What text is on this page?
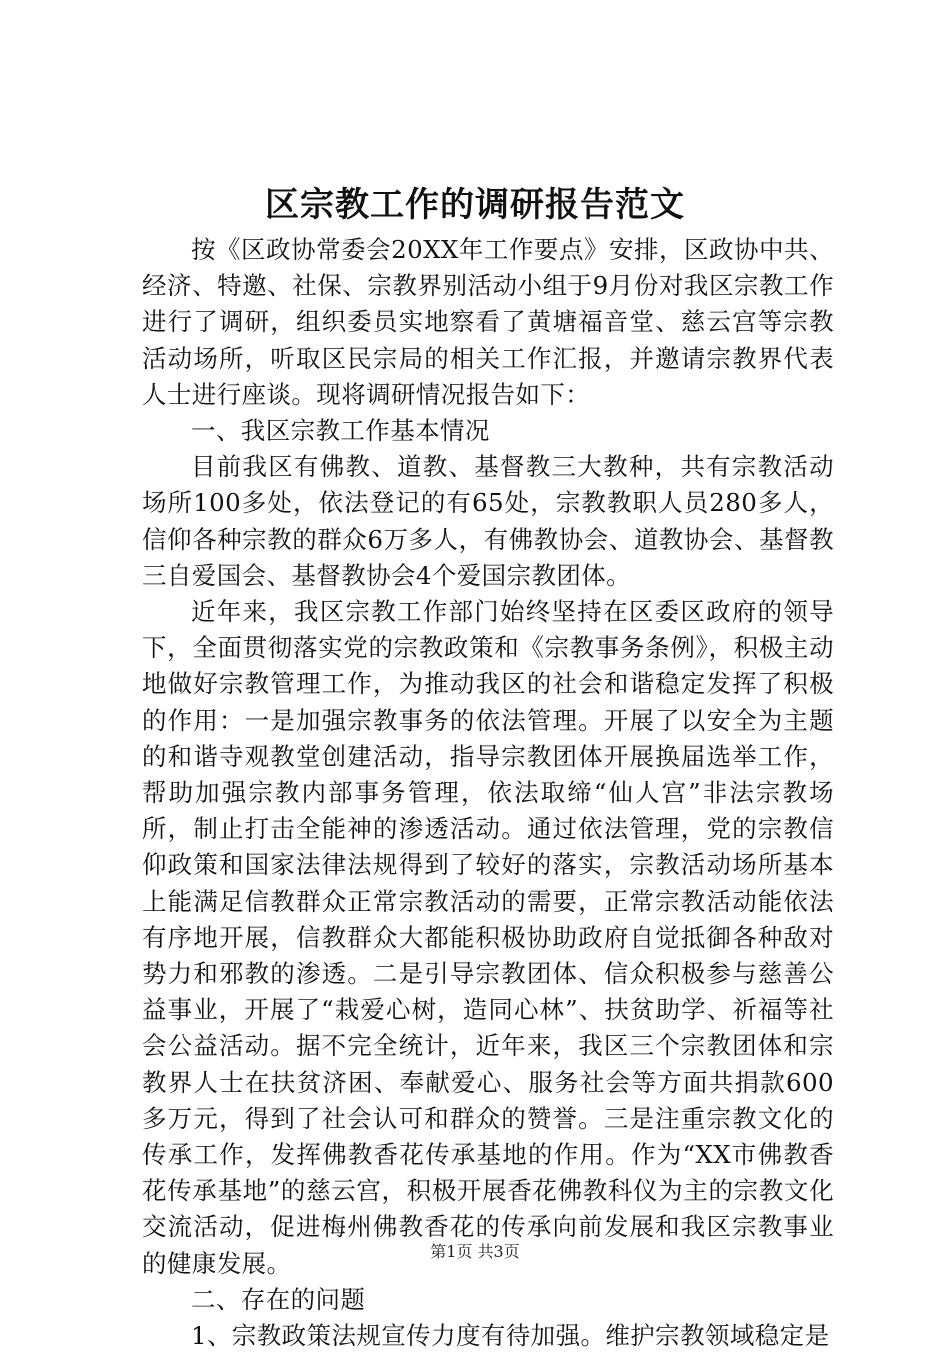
区宗教工作的调研报告范文

按《区政协常委会20XX年工作要点》安排，区政协中共、经济、特邀、社保、宗教界别活动小组于9月份对我区宗教工作进行了调研，组织委员实地察看了黄塘福音堂、慈云宫等宗教活动场所，听取区民宗局的相关工作汇报，并邀请宗教界代表人士进行座谈。现将调研情况报告如下：

一、我区宗教工作基本情况

目前我区有佛教、道教、基督教三大教种，共有宗教活动场所100多处，依法登记的有65处，宗教教职人员280多人，信仰各种宗教的群众6万多人，有佛教协会、道教协会、基督教三自爱国会、基督教协会4个爱国宗教团体。

近年来，我区宗教工作部门始终坚持在区委区政府的领导下，全面贯彻落实党的宗教政策和《宗教事务条例》，积极主动地做好宗教管理工作，为推动我区的社会和谐稳定发挥了积极的作用：一是加强宗教事务的依法管理。开展了以安全为主题的和谐寺观教堂创建活动，指导宗教团体开展换届选举工作，帮助加强宗教内部事务管理，依法取缔“仙人宫”非法宗教场所，制止打击全能神的渗透活动。通过依法管理，党的宗教信仰政策和国家法律法规得到了较好的落实，宗教活动场所基本上能满足信教群众正常宗教活动的需要，正常宗教活动能依法有序地开展，信教群众大都能积极协助政府自觉抵御各种敌对势力和邪教的渗透。二是引导宗教团体、信众积极参与慈善公益事业，开展了“栽爱心树，造同心林”、扶贫助学、祈福等社会公益活动。据不完全统计，近年来，我区三个宗教团体和宗教界人士在扶贫济困、奉献爱心、服务社会等方面共捐款600多万元，得到了社会认可和群众的赞誉。三是注重宗教文化的传承工作，发挥佛教香花传承基地的作用。作为“XX市佛教香花传承基地”的慈云宫，积极开展香花佛教科仪为主的宗教文化交流活动，促进梅州佛教香花的传承向前发展和我区宗教事业的健康发展。

二、存在的问题

1、宗教政策法规宣传力度有待加强。维护宗教领域稳定是

第1页 共3页
